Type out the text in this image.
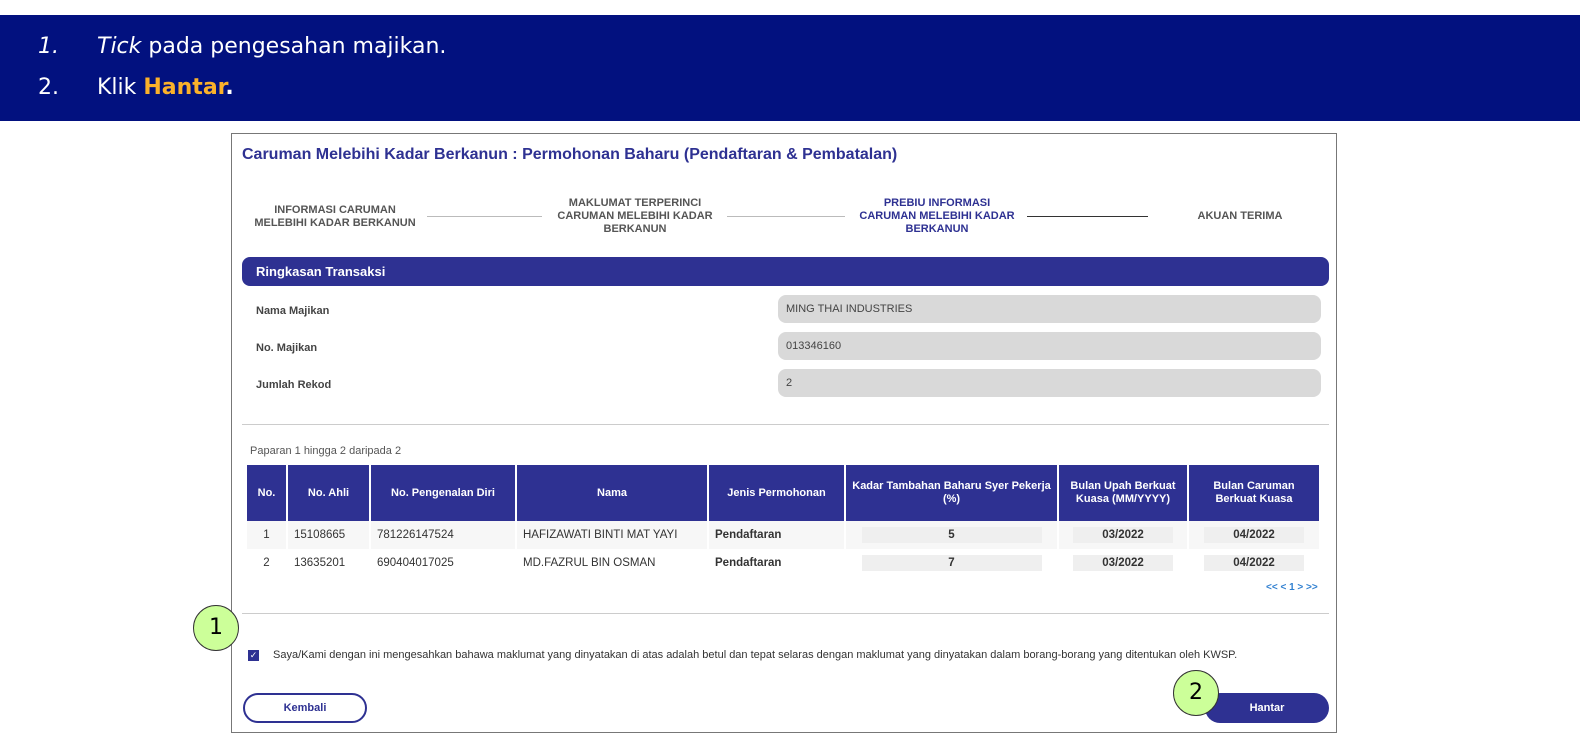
1. Tick pada pengesahan majikan.
2. Klik Hantar.
Caruman Melebihi Kadar Berkanun : Permohonan Baharu (Pendaftaran & Pembatalan)
INFORMASI CARUMAN
MELEBIHI KADAR BERKANUN
MAKLUMAT TERPERINCI
CARUMAN MELEBIHI KADAR
BERKANUN
PREBIU INFORMASI
CARUMAN MELEBIHI KADAR
BERKANUN
AKUAN TERIMA
Ringkasan Transaksi
Nama Majikan	MING THAI INDUSTRIES
No. Majikan	013346160
Jumlah Rekod	2
Paparan 1 hingga 2 daripada 2
No.	No. Ahli	No. Pengenalan Diri	Nama	Jenis Permohonan	Kadar Tambahan Baharu Syer Pekerja (%)	Bulan Upah Berkuat Kuasa (MM/YYYY)	Bulan Caruman Berkuat Kuasa
1	15108665	781226147524	HAFIZAWATI BINTI MAT YAYI	Pendaftaran	5	03/2022	04/2022
2	13635201	690404017025	MD.FAZRUL BIN OSMAN	Pendaftaran	7	03/2022	04/2022
<< < 1 > >>
✓ Saya/Kami dengan ini mengesahkan bahawa maklumat yang dinyatakan di atas adalah betul dan tepat selaras dengan maklumat yang dinyatakan dalam borang-borang yang ditentukan oleh KWSP.
Kembali	Hantar
1
2
